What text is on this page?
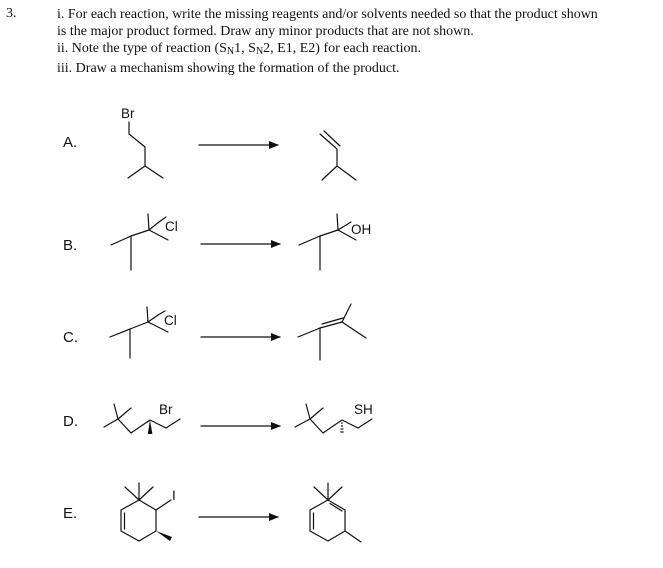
3.	i. For each reaction, write the missing reagents and/or solvents needed so that the product shown
is the major product formed. Draw any minor products that are not shown.
ii. Note the type of reaction ($S_N1$, $S_N2$, E1, E2) for each reaction.
iii. Draw a mechanism showing the formation of the product.
A.
B.
C.
D.
E.
Br
Cl	OH
Cl
Br	SH
I
